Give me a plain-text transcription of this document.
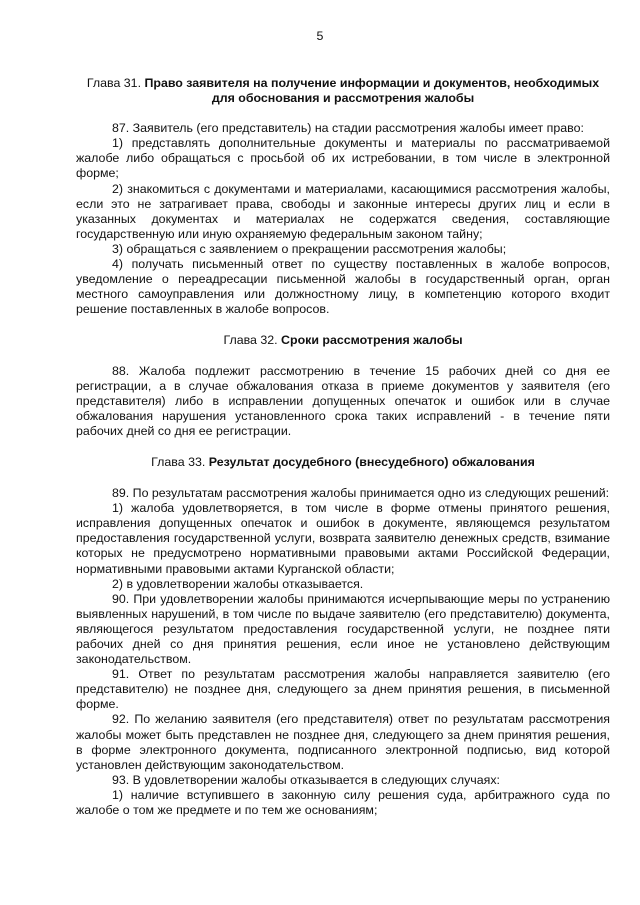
5
Глава 31. Право заявителя на получение информации и документов, необходимых для обоснования и рассмотрения жалобы

87. Заявитель (его представитель) на стадии рассмотрения жалобы имеет право:

1) представлять дополнительные документы и материалы по рассматриваемой жалобе либо обращаться с просьбой об их истребовании, в том числе в электронной форме;

2) знакомиться с документами и материалами, касающимися рассмотрения жалобы, если это не затрагивает права, свободы и законные интересы других лиц и если в указанных документах и материалах не содержатся сведения, составляющие государственную или иную охраняемую федеральным законом тайну;

3) обращаться с заявлением о прекращении рассмотрения жалобы;

4) получать письменный ответ по существу поставленных в жалобе вопросов, уведомление о переадресации письменной жалобы в государственный орган, орган местного самоуправления или должностному лицу, в компетенцию которого входит решение поставленных в жалобе вопросов.

Глава 32. Сроки рассмотрения жалобы

88. Жалоба подлежит рассмотрению в течение 15 рабочих дней со дня ее регистрации, а в случае обжалования отказа в приеме документов у заявителя (его представителя) либо в исправлении допущенных опечаток и ошибок или в случае обжалования нарушения установленного срока таких исправлений - в течение пяти рабочих дней со дня ее регистрации.

Глава 33. Результат досудебного (внесудебного) обжалования

89. По результатам рассмотрения жалобы принимается одно из следующих решений:

1) жалоба удовлетворяется, в том числе в форме отмены принятого решения, исправления допущенных опечаток и ошибок в документе, являющемся результатом предоставления государственной услуги, возврата заявителю денежных средств, взимание которых не предусмотрено нормативными правовыми актами Российской Федерации, нормативными правовыми актами Курганской области;

2) в удовлетворении жалобы отказывается.

90. При удовлетворении жалобы принимаются исчерпывающие меры по устранению выявленных нарушений, в том числе по выдаче заявителю (его представителю) документа, являющегося результатом предоставления государственной услуги, не позднее пяти рабочих дней со дня принятия решения, если иное не установлено действующим законодательством.

91. Ответ по результатам рассмотрения жалобы направляется заявителю (его представителю) не позднее дня, следующего за днем принятия решения, в письменной форме.

92. По желанию заявителя (его представителя) ответ по результатам рассмотрения жалобы может быть представлен не позднее дня, следующего за днем принятия решения, в форме электронного документа, подписанного электронной подписью, вид которой установлен действующим законодательством.

93. В удовлетворении жалобы отказывается в следующих случаях:

1) наличие вступившего в законную силу решения суда, арбитражного суда по жалобе о том же предмете и по тем же основаниям;
